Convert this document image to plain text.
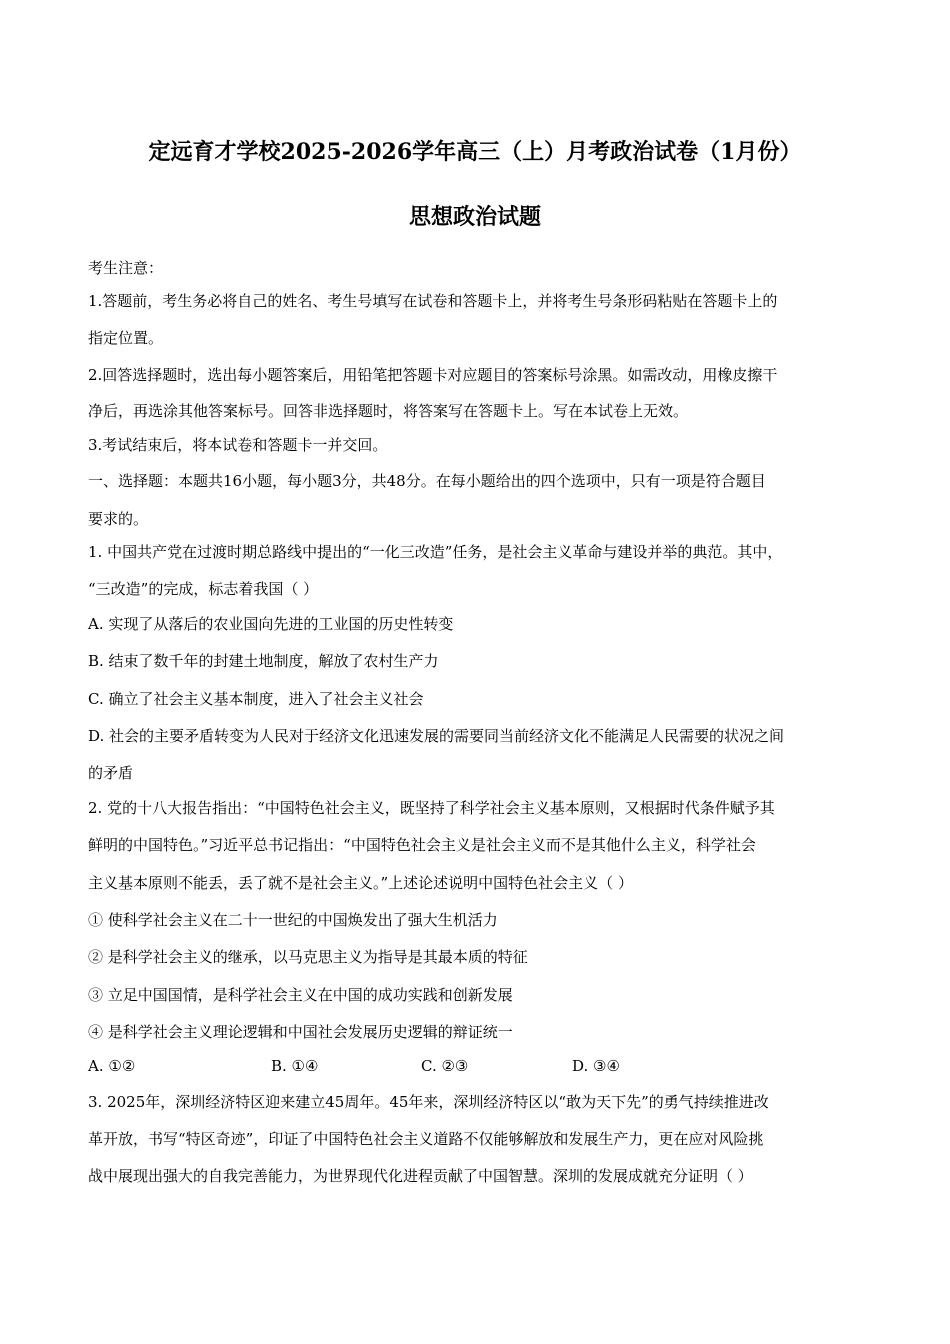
定远育才学校2025-2026学年高三（上）月考政治试卷（1月份）
思想政治试题
考生注意：
1.答题前，考生务必将自己的姓名、考生号填写在试卷和答题卡上，并将考生号条形码粘贴在答题卡上的
指定位置。
2.回答选择题时，选出每小题答案后，用铅笔把答题卡对应题目的答案标号涂黑。如需改动，用橡皮擦干
净后，再选涂其他答案标号。回答非选择题时，将答案写在答题卡上。写在本试卷上无效。
3.考试结束后，将本试卷和答题卡一并交回。
一、选择题：本题共16小题，每小题3分，共48分。在每小题给出的四个选项中，只有一项是符合题目
要求的。
1. 中国共产党在过渡时期总路线中提出的“一化三改造”任务，是社会主义革命与建设并举的典范。其中，
“三改造”的完成，标志着我国（ ）
A. 实现了从落后的农业国向先进的工业国的历史性转变
B. 结束了数千年的封建土地制度，解放了农村生产力
C. 确立了社会主义基本制度，进入了社会主义社会
D. 社会的主要矛盾转变为人民对于经济文化迅速发展的需要同当前经济文化不能满足人民需要的状况之间
的矛盾
2. 党的十八大报告指出：“中国特色社会主义，既坚持了科学社会主义基本原则，又根据时代条件赋予其
鲜明的中国特色。”习近平总书记指出：“中国特色社会主义是社会主义而不是其他什么主义，科学社会
主义基本原则不能丢，丢了就不是社会主义。”上述论述说明中国特色社会主义（ ）
① 使科学社会主义在二十一世纪的中国焕发出了强大生机活力
② 是科学社会主义的继承，以马克思主义为指导是其最本质的特征
③ 立足中国国情，是科学社会主义在中国的成功实践和创新发展
④ 是科学社会主义理论逻辑和中国社会发展历史逻辑的辩证统一
A. ①②	B. ①④	C. ②③	D. ③④
3. 2025年，深圳经济特区迎来建立45周年。45年来，深圳经济特区以“敢为天下先”的勇气持续推进改
革开放，书写“特区奇迹”，印证了中国特色社会主义道路不仅能够解放和发展生产力，更在应对风险挑
战中展现出强大的自我完善能力，为世界现代化进程贡献了中国智慧。深圳的发展成就充分证明（ ）
